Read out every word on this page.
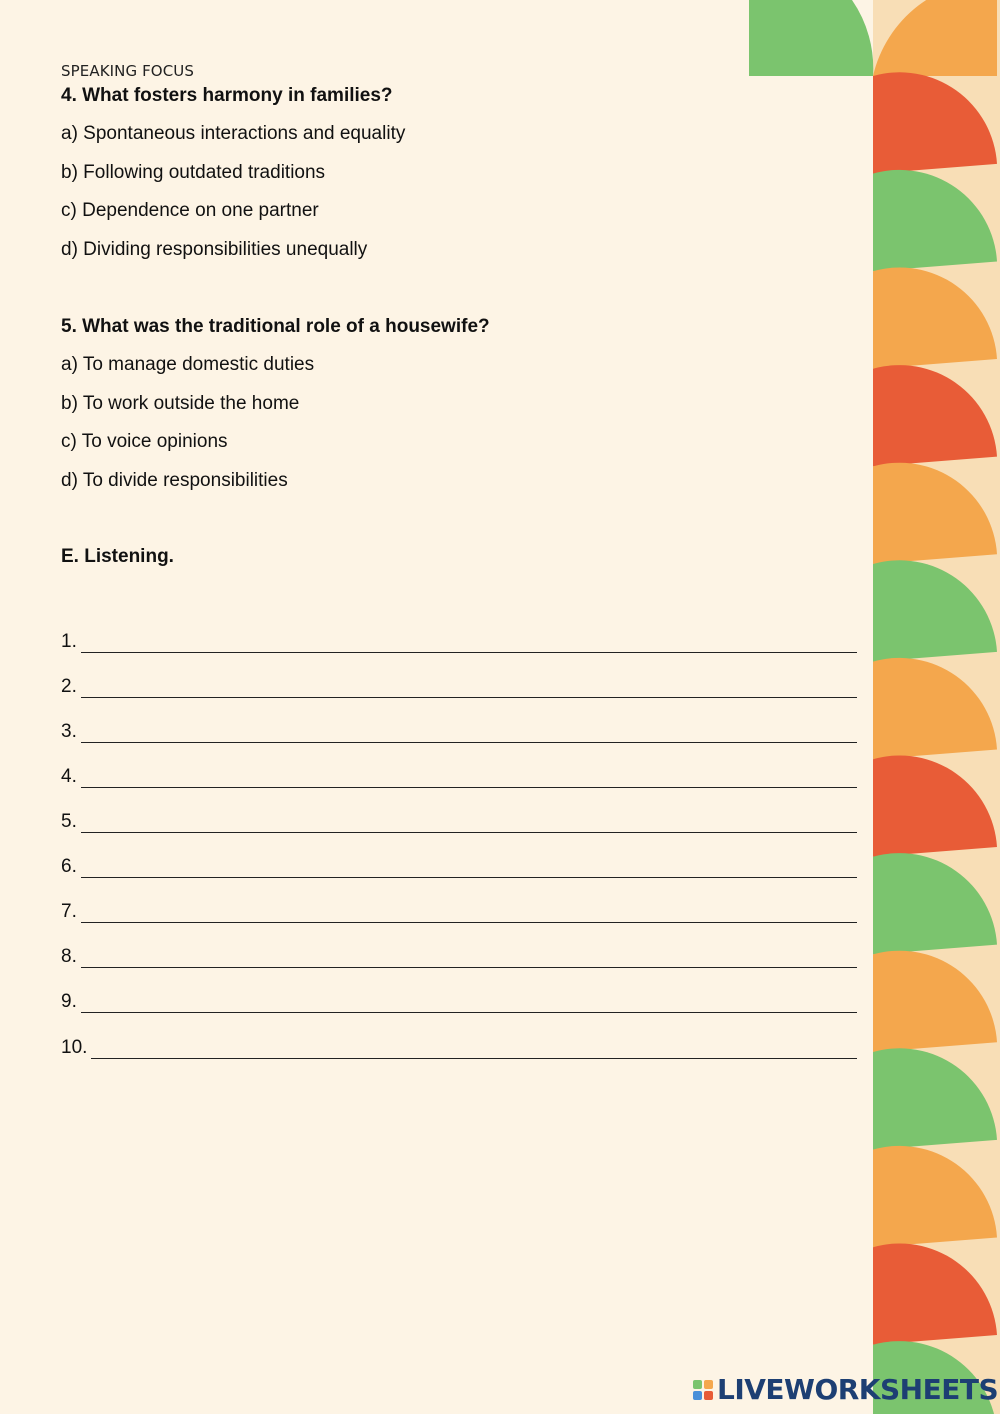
SPEAKING FOCUS
4. What fosters harmony in families?
a) Spontaneous interactions and equality
b) Following outdated traditions
c) Dependence on one partner
d) Dividing responsibilities unequally
5. What was the traditional role of a housewife?
a) To manage domestic duties
b) To work outside the home
c) To voice opinions
d) To divide responsibilities
E. Listening.
1.
2.
3.
4.
5.
6.
7.
8.
9.
10.
LIVEWORKSHEETS
